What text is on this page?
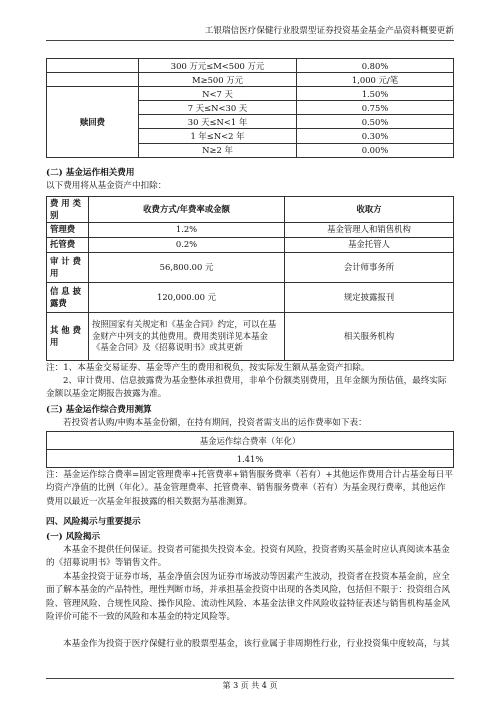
工银瑞信医疗保健行业股票型证券投资基金基金产品资料概要更新
	300 万元≤M<500 万元	0.80%
	M≥500 万元	1,000 元/笔
赎回费	N<7 天	1.50%
	7 天≤N<30 天	0.75%
	30 天≤N<1 年	0.50%
	1 年≤N<2 年	0.30%
	N≥2 年	0.00%
(二) 基金运作相关费用
以下费用将从基金资产中扣除：
费 用 类 别	收费方式/年费率或金额	收取方
管理费	1.2%	基金管理人和销售机构
托管费	0.2%	基金托管人
审 计 费 用	56,800.00 元	会计师事务所
信 息 披 露费	120,000.00 元	规定披露报刊
其 他 费 用	按照国家有关规定和《基金合同》约定，可以在基金财产中列支的其他费用。费用类别详见本基金《基金合同》及《招募说明书》或其更新	相关服务机构
注：1、本基金交易证券、基金等产生的费用和税负，按实际发生额从基金资产扣除。
2、审计费用、信息披露费为基金整体承担费用，非单个份额类别费用，且年金额为预估值，最终实际金额以基金定期报告披露为准。
(三) 基金运作综合费用测算
若投资者认购/申购本基金份额，在持有期间，投资者需支出的运作费率如下表：
基金运作综合费率（年化）
1.41%
注：基金运作综合费率=固定管理费率+托管费率+销售服务费率（若有）+其他运作费用合计占基金每日平均资产净值的比例（年化）。基金管理费率、托管费率、销售服务费率（若有）为基金现行费率，其他运作费用以最近一次基金年报披露的相关数据为基准测算。
四、风险揭示与重要提示
(一) 风险揭示
本基金不提供任何保证。投资者可能损失投资本金。投资有风险，投资者购买基金时应认真阅读本基金的《招募说明书》等销售文件。
本基金投资于证券市场，基金净值会因为证券市场波动等因素产生波动，投资者在投资本基金前，应全面了解本基金的产品特性，理性判断市场，并承担基金投资中出现的各类风险，包括但不限于：投资组合风险、管理风险、合规性风险、操作风险、流动性风险、本基金法律文件风险收益特征表述与销售机构基金风险评价可能不一致的风险和本基金的特定风险等。
本基金作为投资于医疗保健行业的股票型基金，该行业属于非周期性行业，行业投资集中度较高，与其
第 3 页 共 4 页
